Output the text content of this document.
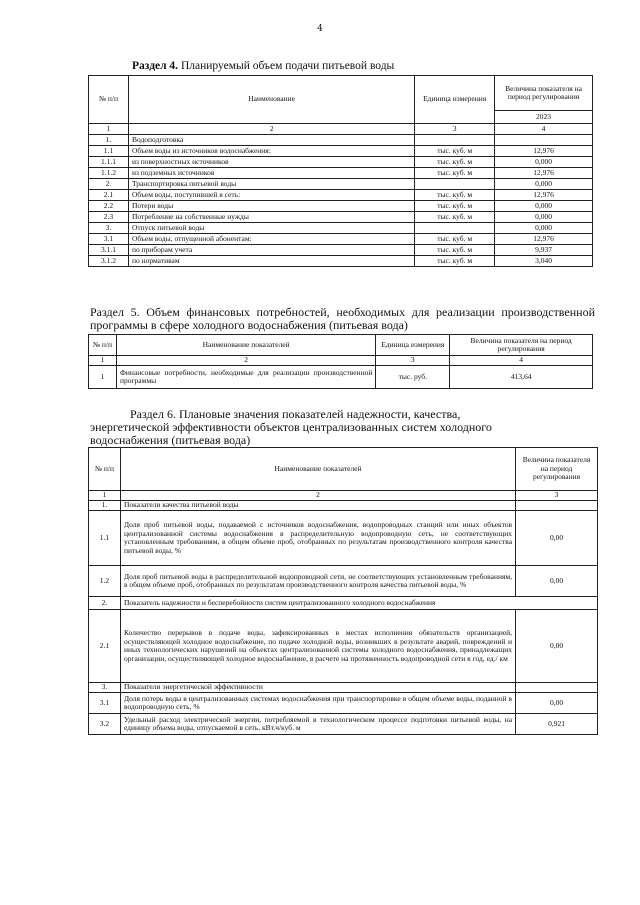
4
Раздел 4. Планируемый объем подачи питьевой воды
№ п/п	Наименование	Единица измерения	Величина показателя на период регулирования
			2023
1	2	3	4
1.	Водоподготовка		
1.1	Объем воды из источников водоснабжения:	тыс. куб. м	12,976
1.1.1	из поверхностных источников	тыс. куб. м	0,000
1.1.2	из подземных источников	тыс. куб. м	12,976
2.	Транспортировка питьевой воды		0,000
2.1	Объем воды, поступившей в сеть:	тыс. куб. м	12,976
2.2	Потери воды	тыс. куб. м	0,000
2.3	Потребление на собственные нужды	тыс. куб. м	0,000
3.	Отпуск питьевой воды		0,000
3.1	Объем воды, отпущенной абонентам:	тыс. куб. м	12,976
3.1.1	по приборам учета	тыс. куб. м	9,937
3.1.2	по нормативам	тыс. куб. м	3,040
Раздел 5. Объем финансовых потребностей, необходимых для реализации производственной программы в сфере холодного водоснабжения (питьевая вода)
№ п/п	Наименование показателей	Единица измерения	Величина показателя на период регулирования
1	2	3	4
1	Финансовые потребности, необходимые для реализации производственной программы	тыс. руб.	413,64
Раздел 6. Плановые значения показателей надежности, качества,
энергетической эффективности объектов централизованных систем холодного
водоснабжения (питьевая вода)
№ п/п	Наименование показателей	Величина показателя на период регулирования
1	2	3
1.	Показатели качества питьевой воды	
1.1	Доля проб питьевой воды, подаваемой с источников водоснабжения, водопроводных станций или иных объектов централизованной системы водоснабжения в распределительную водопроводную сеть, не соответствующих установленным требованиям, в общем объеме проб, отобранных по результатам производственного контроля качества питьевой воды, %	0,00
1.2	Доля проб питьевой воды в распределительной водопроводной сети, не соответствующих установленным требованиям, в общем объеме проб, отобранных по результатам производственного контроля качества питьевой воды, %	0,00
2.	Показатель надежности и бесперебойности систем централизованного холодного водоснабжения	
2.1	Количество перерывов в подаче воды, зафиксированных в местах исполнения обязательств организацией, осуществляющей холодное водоснабжение, по подаче холодной воды, возникших в результате аварий, повреждений и иных технологических нарушений на объектах централизованной системы холодного водоснабжения, принадлежащих организации, осуществляющей холодное водоснабжение, в расчете на протяженность водопроводной сети в год, ед./ км	0,00
3.	Показатели энергетической эффективности	
3.1	Доля потерь воды в централизованных системах водоснабжения при транспортировке в общем объеме воды, поданной в водопроводную сеть, %	0,00
3.2	Удельный расход электрической энергии, потребляемой в технологическом процессе подготовки питьевой воды, на единицу объема воды, отпускаемой в сеть, кВт.ч/куб. м	0,921
